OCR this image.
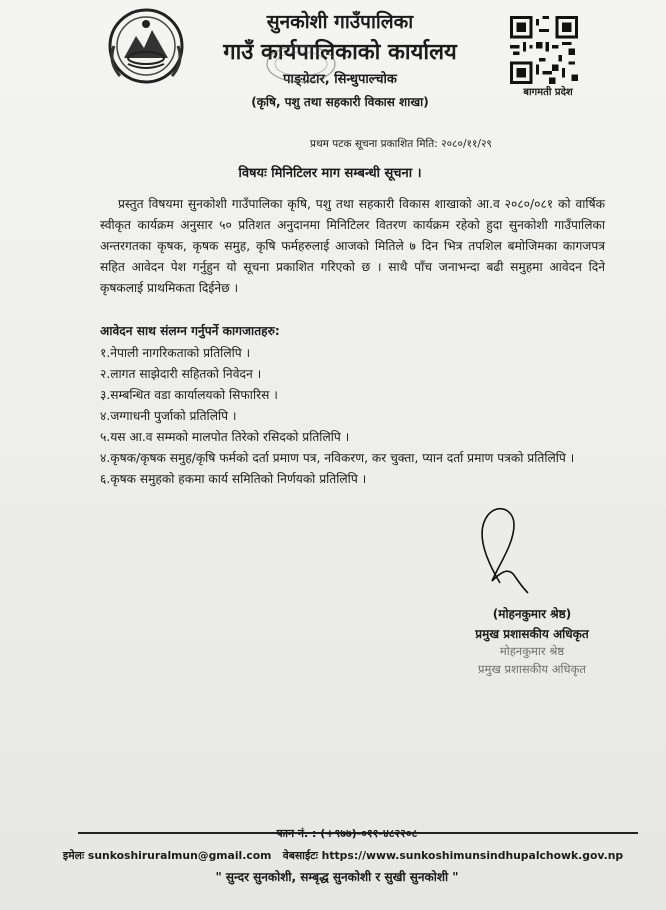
सुनकोशी गाउँपालिका
गाउँ कार्यपालिकाको कार्यालय
पाङ्ग्रेटार, सिन्धुपाल्चोक
(कृषि, पशु तथा सहकारी विकास शाखा)
बागमती प्रदेश
प्रथम पटक सूचना प्रकाशित मिति: २०८०/११/२९
विषयः मिनिटिलर माग सम्बन्धी सूचना ।
प्रस्तुत विषयमा सुनकोशी गाउँपालिका कृषि, पशु तथा सहकारी विकास शाखाको आ.व २०८०/०८१ को वार्षिक स्वीकृत कार्यक्रम अनुसार ५० प्रतिशत अनुदानमा मिनिटिलर वितरण कार्यक्रम रहेको हुदा सुनकोशी गाउँपालिका अन्तरगतका कृषक, कृषक समुह, कृषि फर्महरुलाई आजको मितिले ७ दिन भित्र तपशिल बमोजिमका कागजपत्र सहित आवेदन पेश गर्नुहुन यो सूचना प्रकाशित गरिएको छ । साथै पाँच जनाभन्दा बढी समुहमा आवेदन दिने कृषकलाई प्राथमिकता दिईनेछ ।
आवेदन साथ संलग्न गर्नुपर्ने कागजातहरु:
१.नेपाली नागरिकताको प्रतिलिपि ।
२.लागत साझेदारी सहितको निवेदन ।
३.सम्बन्धित वडा कार्यालयको सिफारिस ।
४.जग्गाधनी पुर्जाको प्रतिलिपि ।
५.यस आ.व सम्मको मालपोत तिरेको रसिदको प्रतिलिपि ।
४.कृषक/कृषक समुह/कृषि फर्मको दर्ता प्रमाण पत्र, नविकरण, कर चुक्ता, प्यान दर्ता प्रमाण पत्रको प्रतिलिपि ।
६.कृषक समुहको हकमा कार्य समितिको निर्णयको प्रतिलिपि ।
(मोहनकुमार श्रेष्ठ)
प्रमुख प्रशासकीय अधिकृत
मोहनकुमार श्रेष्ठ
प्रमुख प्रशासकीय अधिकृत
फान नं. : (+९७७)-०११-४८२२०८
इमेलः sunkoshiruralmun@gmail.com वेबसाईटः https://www.sunkoshimunsindhupalchowk.gov.np
" सुन्दर सुनकोशी, सम्बृद्ध सुनकोशी र सुखी सुनकोशी "
